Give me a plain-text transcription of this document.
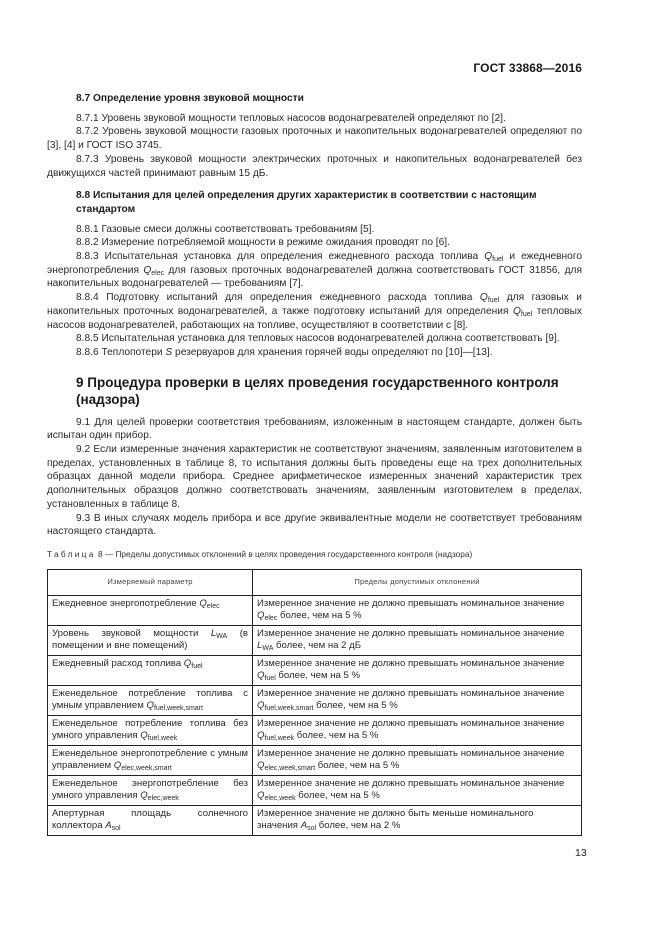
ГОСТ 33868—2016
8.7 Определение уровня звуковой мощности

8.7.1 Уровень звуковой мощности тепловых насосов водонагревателей определяют по [2].

8.7.2 Уровень звуковой мощности газовых проточных и накопительных водонагревателей определяют по [3], [4] и ГОСТ ISO 3745.

8.7.3 Уровень звуковой мощности электрических проточных и накопительных водонагревателей без движущихся частей принимают равным 15 дБ.

8.8 Испытания для целей определения других характеристик в соответствии с настоящим стандартом

8.8.1 Газовые смеси должны соответствовать требованиям [5].

8.8.2 Измерение потребляемой мощности в режиме ожидания проводят по [6].

8.8.3 Испытательная установка для определения ежедневного расхода топлива $Q_{fuel}$ и ежедневного энергопотребления $Q_{elec}$ для газовых проточных водонагревателей должна соответствовать ГОСТ 31856, для накопительных водонагревателей — требованиям [7].

8.8.4 Подготовку испытаний для определения ежедневного расхода топлива $Q_{fuel}$ для газовых и накопительных проточных водонагревателей, а также подготовку испытаний для определения $Q_{fuel}$ тепловых насосов водонагревателей, работающих на топливе, осуществляют в соответствии с [8].

8.8.5 Испытательная установка для тепловых насосов водонагревателей должна соответствовать [9].

8.8.6 Теплопотери S резервуаров для хранения горячей воды определяют по [10]—[13].

9 Процедура проверки в целях проведения государственного контроля (надзора)

9.1 Для целей проверки соответствия требованиям, изложенным в настоящем стандарте, должен быть испытан один прибор.

9.2 Если измеренные значения характеристик не соответствуют значениям, заявленным изготовителем в пределах, установленных в таблице 8, то испытания должны быть проведены еще на трех дополнительных образцах данной модели прибора. Среднее арифметическое измеренных значений характеристик трех дополнительных образцов должно соответствовать значениям, заявленным изготовителем в пределах, установленных в таблице 8.

9.3 В иных случаях модель прибора и все другие эквивалентные модели не соответствует требованиям настоящего стандарта.

Таблица 8 — Пределы допустимых отклонений в целях проведения государственного контроля (надзора)
Измеряемый параметр	Пределы допустимых отклонений
Ежедневное энергопотребление $Q_{elec}$	Измеренное значение не должно превышать номинальное значение $Q_{elec}$ более, чем на 5 %
Уровень звуковой мощности $L_{WA}$ (в помещении и вне помещений)	Измеренное значение не должно превышать номинальное значение $L_{WA}$ более, чем на 2 дБ
Ежедневный расход топлива $Q_{fuel}$	Измеренное значение не должно превышать номинальное значение $Q_{fuel}$ более, чем на 5 %
Еженедельное потребление топлива с умным управлением $Q_{fuel,week,smart}$	Измеренное значение не должно превышать номинальное значение $Q_{fuel,week,smart}$ более, чем на 5 %
Еженедельное потребление топлива без умного управления $Q_{fuel,week}$	Измеренное значение не должно превышать номинальное значение $Q_{fuel,week}$ более, чем на 5 %
Еженедельное энергопотребление с умным управлением $Q_{elec,week,smart}$	Измеренное значение не должно превышать номинальное значение $Q_{elec,week,smart}$ более, чем на 5 %
Еженедельное энергопотребление без умного управления $Q_{elec,week}$	Измеренное значение не должно превышать номинальное значение $Q_{elec,week}$ более, чем на 5 %
Апертурная площадь солнечного коллектора $A_{sol}$	Измеренное значение не должно быть меньше номинального значения $A_{sol}$ более, чем на 2 %
13
